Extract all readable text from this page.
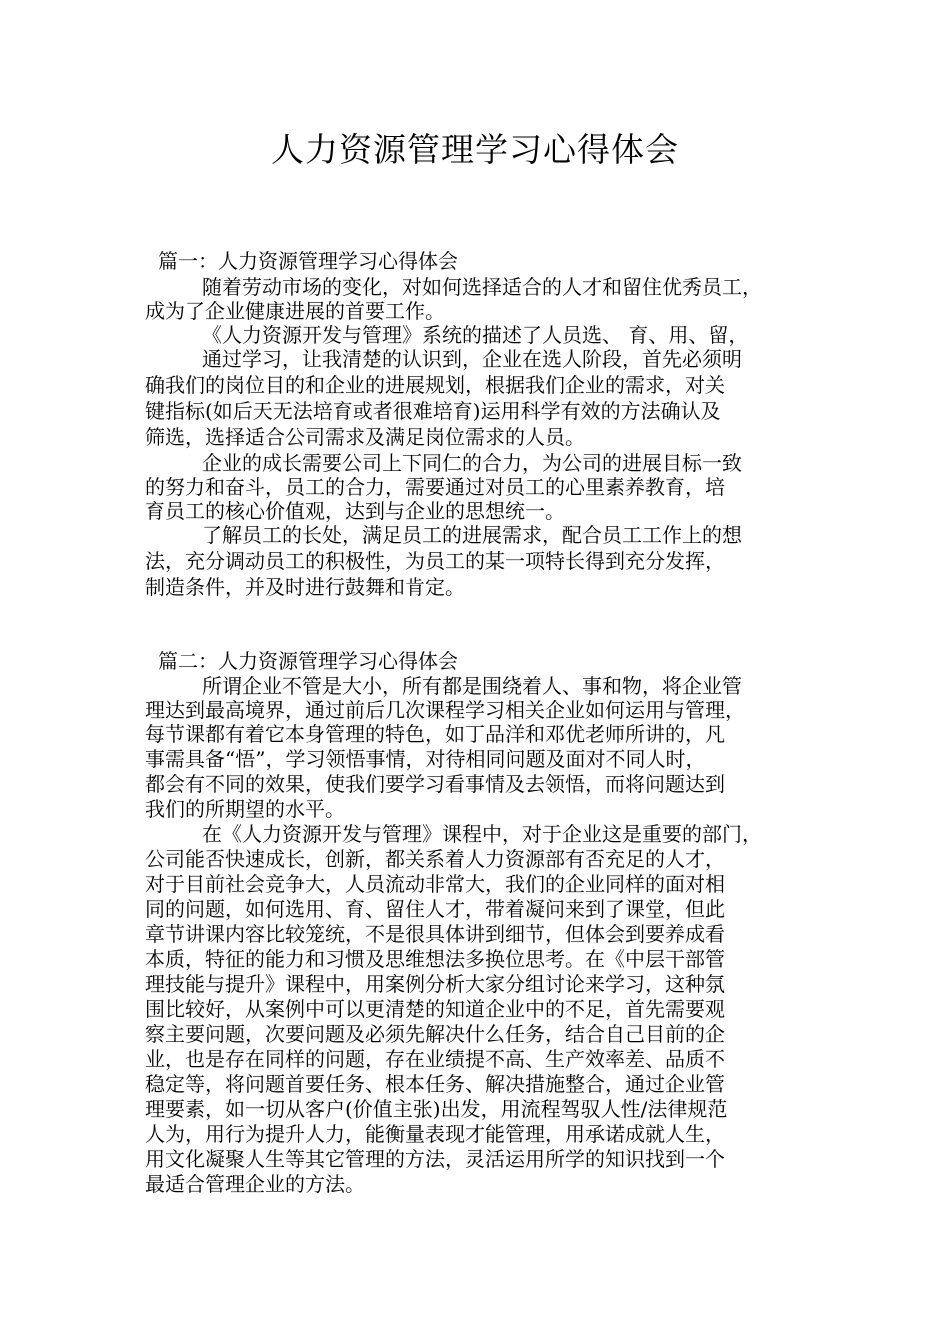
人力资源管理学习心得体会
篇一：人力资源管理学习心得体会
随着劳动市场的变化，对如何选择适合的人才和留住优秀员工，
成为了企业健康进展的首要工作。
《人力资源开发与管理》系统的描述了人员选、 育、用、留，
通过学习，让我清楚的认识到，企业在选人阶段，首先必须明
确我们的岗位目的和企业的进展规划，根据我们企业的需求，对关
键指标(如后天无法培育或者很难培育)运用科学有效的方法确认及
筛选，选择适合公司需求及满足岗位需求的人员。
企业的成长需要公司上下同仁的合力，为公司的进展目标一致
的努力和奋斗，员工的合力，需要通过对员工的心里素养教育，培
育员工的核心价值观，达到与企业的思想统一。
了解员工的长处，满足员工的进展需求，配合员工工作上的想
法，充分调动员工的积极性，为员工的某一项特长得到充分发挥，
制造条件，并及时进行鼓舞和肯定。
篇二：人力资源管理学习心得体会
所谓企业不管是大小，所有都是围绕着人、事和物，将企业管
理达到最高境界，通过前后几次课程学习相关企业如何运用与管理，
每节课都有着它本身管理的特色，如丁品洋和邓优老师所讲的，凡
事需具备“悟”，学习领悟事情，对待相同问题及面对不同人时，
都会有不同的效果，使我们要学习看事情及去领悟，而将问题达到
我们的所期望的水平。
在《人力资源开发与管理》课程中，对于企业这是重要的部门，
公司能否快速成长，创新，都关系着人力资源部有否充足的人才，
对于目前社会竞争大，人员流动非常大，我们的企业同样的面对相
同的问题，如何选用、育、留住人才，带着凝问来到了课堂，但此
章节讲课内容比较笼统，不是很具体讲到细节，但体会到要养成看
本质，特征的能力和习惯及思维想法多换位思考。在《中层干部管
理技能与提升》课程中，用案例分析大家分组讨论来学习，这种氛
围比较好，从案例中可以更清楚的知道企业中的不足，首先需要观
察主要问题，次要问题及必须先解决什么任务，结合自己目前的企
业，也是存在同样的问题，存在业绩提不高、生产效率差、品质不
稳定等，将问题首要任务、根本任务、解决措施整合，通过企业管
理要素，如一切从客户(价值主张)出发，用流程驾驭人性/法律规范
人为，用行为提升人力，能衡量表现才能管理，用承诺成就人生，
用文化凝聚人生等其它管理的方法，灵活运用所学的知识找到一个
最适合管理企业的方法。
